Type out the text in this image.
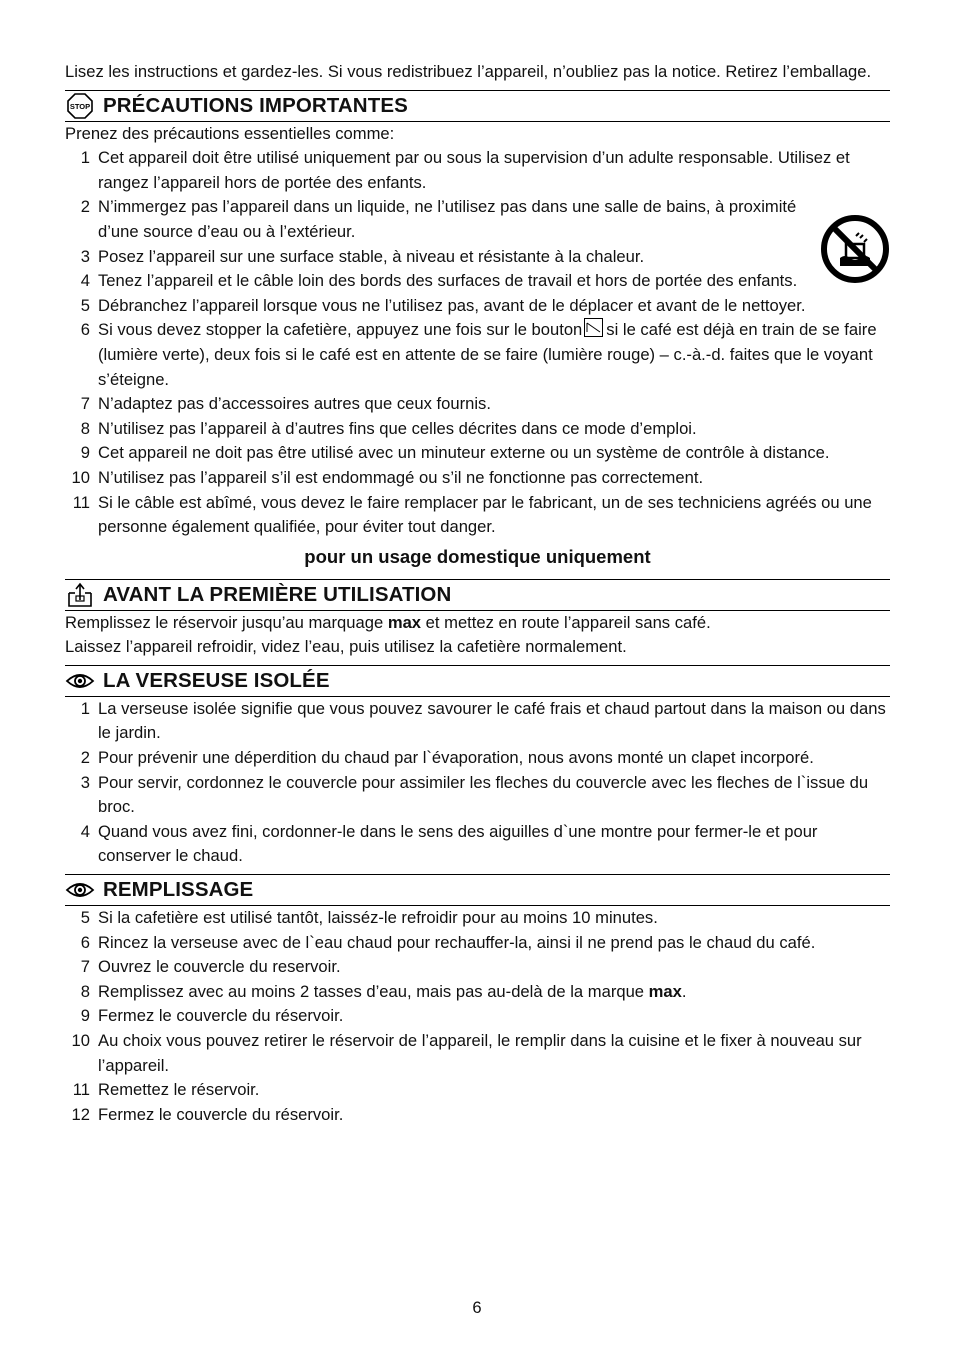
Lisez les instructions et gardez-les. Si vous redistribuez l’appareil, n’oubliez pas la notice. Retirez l’emballage.

STOP PRÉCAUTIONS IMPORTANTES

Prenez des précautions essentielles comme:

1 Cet appareil doit être utilisé uniquement par ou sous la supervision d’un adulte responsable. Utilisez et rangez l’appareil hors de portée des enfants.
2 N’immergez pas l’appareil dans un liquide, ne l’utilisez pas dans une salle de bains, à proximité d’une source d’eau ou à l’extérieur.
3 Posez l’appareil sur une surface stable, à niveau et résistante à la chaleur.
4 Tenez l’appareil et le câble loin des bords des surfaces de travail et hors de portée des enfants.
5 Débranchez l’appareil lorsque vous ne l’utilisez pas, avant de le déplacer et avant de le nettoyer.
6 Si vous devez stopper la cafetière, appuyez une fois sur le bouton si le café est déjà en train de se faire (lumière verte), deux fois si le café est en attente de se faire (lumière rouge) – c.-à.-d. faites que le voyant s’éteigne.
7 N’adaptez pas d’accessoires autres que ceux fournis.
8 N’utilisez pas l’appareil à d’autres fins que celles décrites dans ce mode d’emploi.
9 Cet appareil ne doit pas être utilisé avec un minuteur externe ou un système de contrôle à distance.
10 N’utilisez pas l’appareil s’il est endommagé ou s’il ne fonctionne pas correctement.
11 Si le câble est abîmé, vous devez le faire remplacer par le fabricant, un de ses techniciens agréés ou une personne également qualifiée, pour éviter tout danger.

pour un usage domestique uniquement

AVANT LA PREMIÈRE UTILISATION

Remplissez le réservoir jusqu’au marquage max et mettez en route l’appareil sans café.

Laissez l’appareil refroidir, videz l’eau, puis utilisez la cafetière normalement.

LA VERSEUSE ISOLÉE
1 La verseuse isolée signifie que vous pouvez savourer le café frais et chaud partout dans la maison ou dans le jardin.
2 Pour prévenir une déperdition du chaud par l`évaporation, nous avons monté un clapet incorporé.
3 Pour servir, cordonnez le couvercle pour assimiler les fleches du couvercle avec les fleches de l`issue du broc.
4 Quand vous avez fini, cordonner-le dans le sens des aiguilles d`une montre pour fermer-le et pour conserver le chaud.
REMPLISSAGE
5 Si la cafetière est utilisé tantôt, laisséz-le refroidir pour au moins 10 minutes.
6 Rincez la verseuse avec de l`eau chaud pour rechauffer-la, ainsi il ne prend pas le chaud du café.
7 Ouvrez le couvercle du reservoir.
8 Remplissez avec au moins 2 tasses d’eau, mais pas au-delà de la marque max.
9 Fermez le couvercle du réservoir.
10 Au choix vous pouvez retirer le réservoir de l’appareil, le remplir dans la cuisine et le fixer à nouveau sur l’appareil.
11 Remettez le réservoir.
12 Fermez le couvercle du réservoir.
6
